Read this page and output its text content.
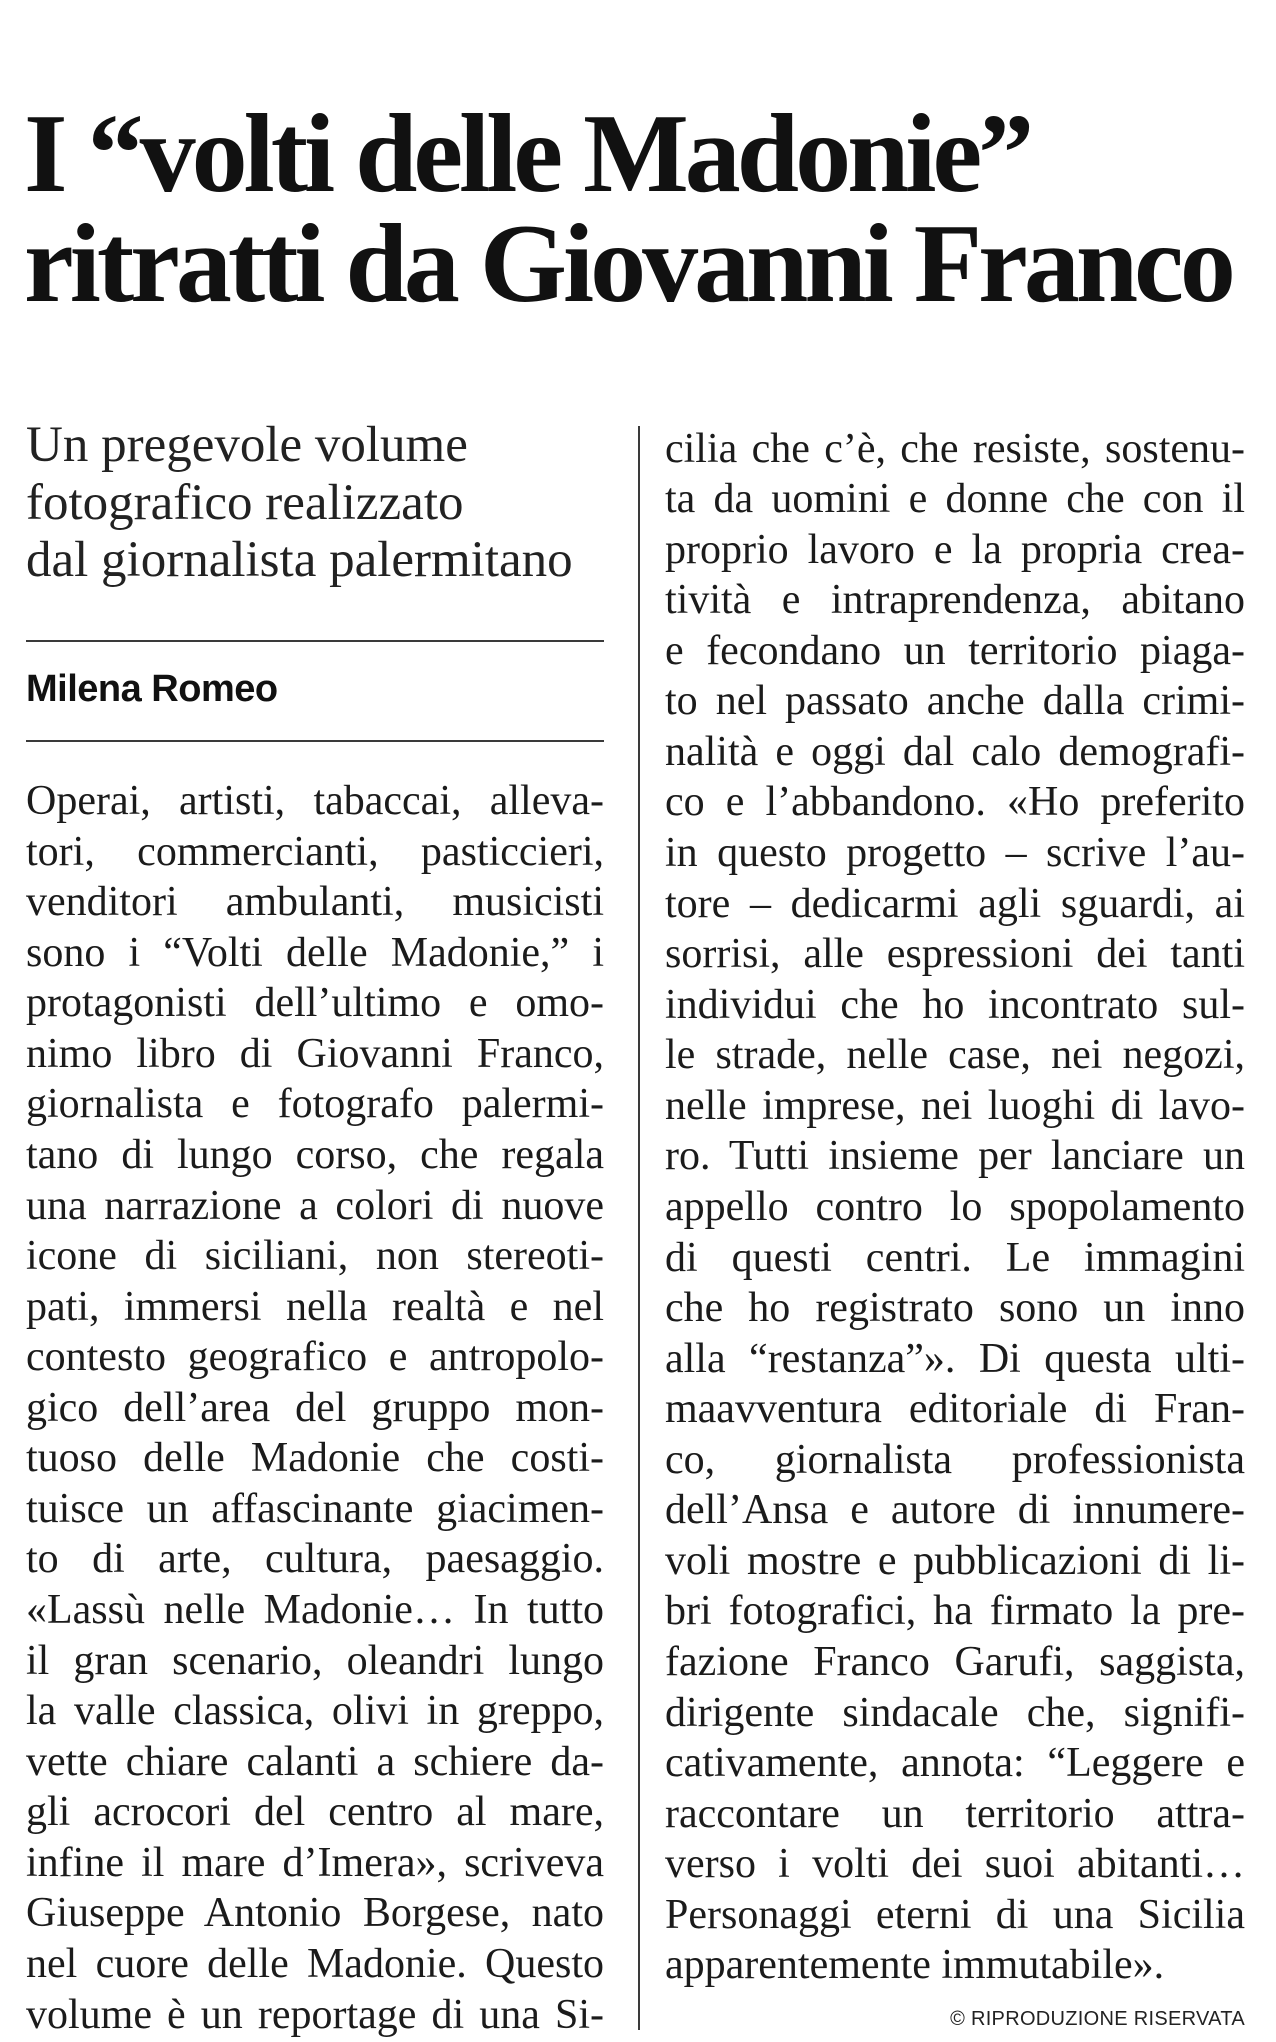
I “volti delle Madonie”
ritratti da Giovanni Franco
Un pregevole volume
fotografico realizzato
dal giornalista palermitano
Milena Romeo
Operai, artisti, tabaccai, alleva-
tori, commercianti, pasticcieri,
venditori ambulanti, musicisti
sono i “Volti delle Madonie,” i
protagonisti dell’ultimo e omo-
nimo libro di Giovanni Franco,
giornalista e fotografo palermi-
tano di lungo corso, che regala
una narrazione a colori di nuove
icone di siciliani, non stereoti-
pati, immersi nella realtà e nel
contesto geografico e antropolo-
gico dell’area del gruppo mon-
tuoso delle Madonie che costi-
tuisce un affascinante giacimen-
to di arte, cultura, paesaggio.
«Lassù nelle Madonie… In tutto
il gran scenario, oleandri lungo
la valle classica, olivi in greppo,
vette chiare calanti a schiere da-
gli acrocori del centro al mare,
infine il mare d’Imera», scriveva
Giuseppe Antonio Borgese, nato
nel cuore delle Madonie. Questo
volume è un reportage di una Si-
cilia che c’è, che resiste, sostenu-
ta da uomini e donne che con il
proprio lavoro e la propria crea-
tività e intraprendenza, abitano
e fecondano un territorio piaga-
to nel passato anche dalla crimi-
nalità e oggi dal calo demografi-
co e l’abbandono. «Ho preferito
in questo progetto – scrive l’au-
tore – dedicarmi agli sguardi, ai
sorrisi, alle espressioni dei tanti
individui che ho incontrato sul-
le strade, nelle case, nei negozi,
nelle imprese, nei luoghi di lavo-
ro. Tutti insieme per lanciare un
appello contro lo spopolamento
di questi centri. Le immagini
che ho registrato sono un inno
alla “restanza”». Di questa ulti-
maavventura editoriale di Fran-
co, giornalista professionista
dell’Ansa e autore di innumere-
voli mostre e pubblicazioni di li-
bri fotografici, ha firmato la pre-
fazione Franco Garufi, saggista,
dirigente sindacale che, signifi-
cativamente, annota: “Leggere e
raccontare un territorio attra-
verso i volti dei suoi abitanti…
Personaggi eterni di una Sicilia
apparentemente immutabile».
© RIPRODUZIONE RISERVATA
